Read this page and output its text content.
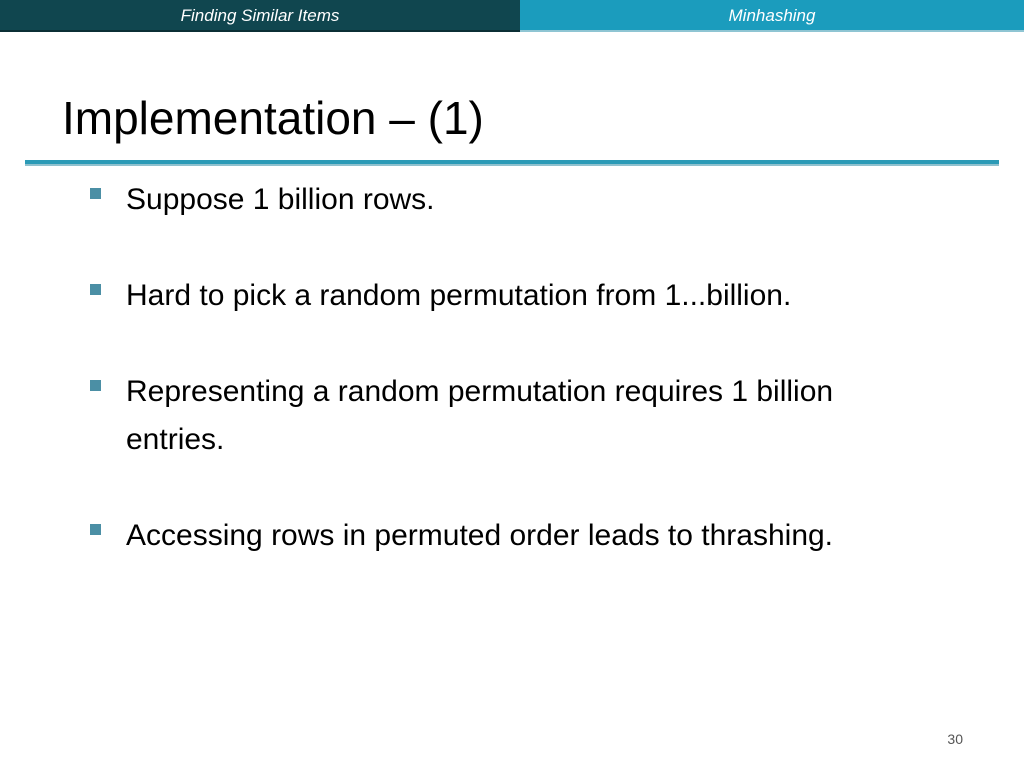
Finding Similar Items	Minhashing
Implementation – (1)
Suppose 1 billion rows.
Hard to pick a random permutation from 1...billion.
Representing a random permutation requires 1 billion entries.
Accessing rows in permuted order leads to thrashing.
30
